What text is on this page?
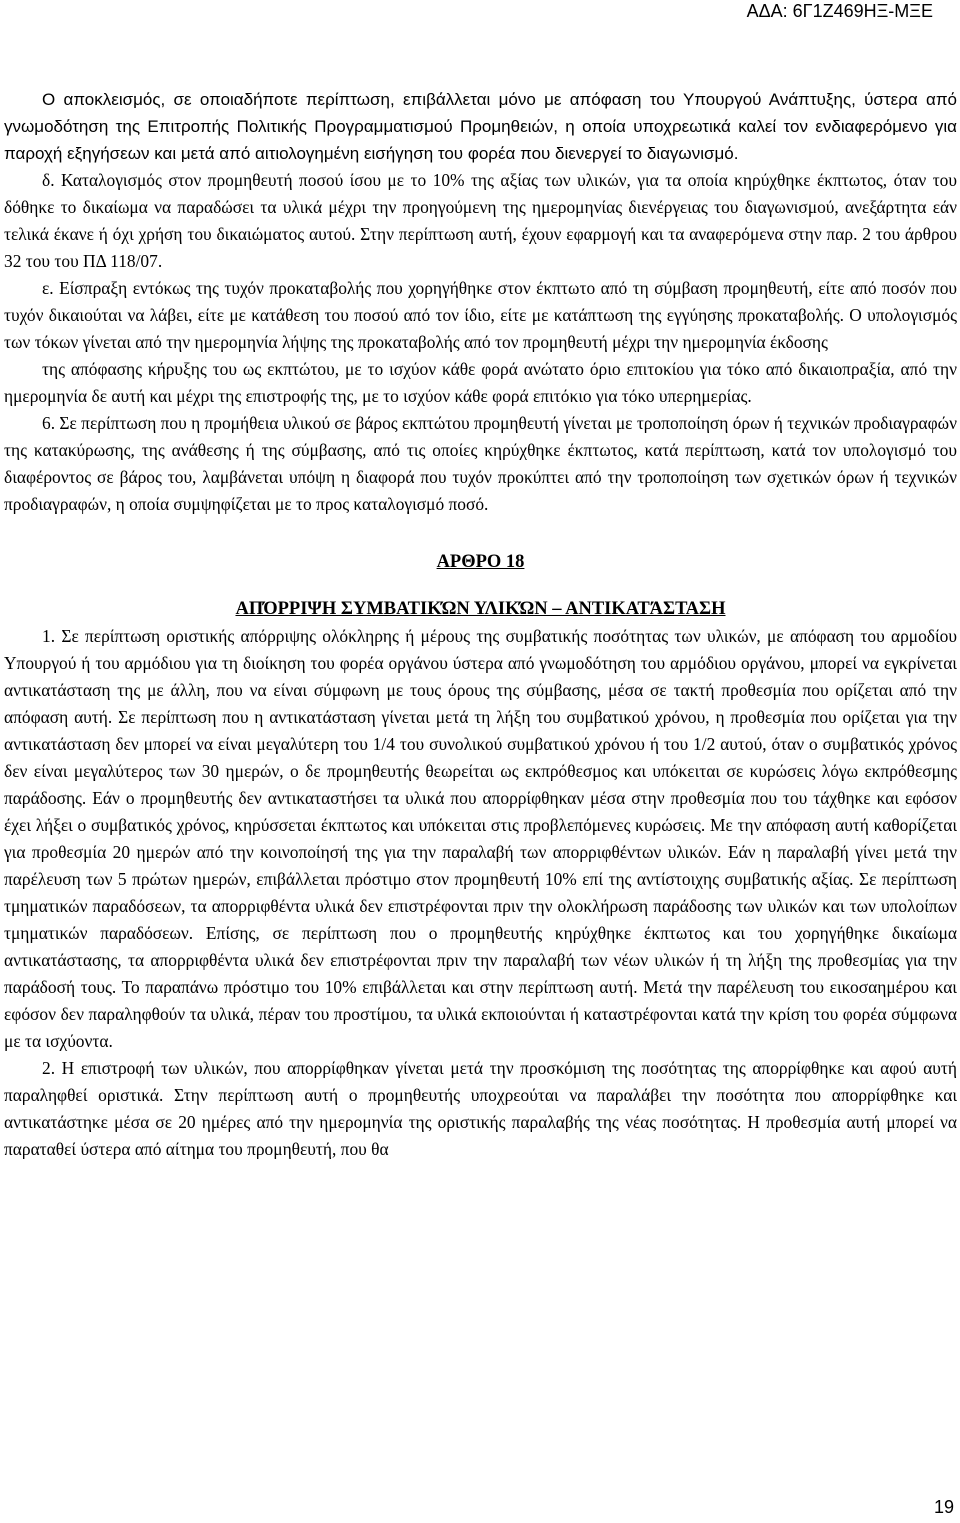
ΑΔΑ: 6Γ1Ζ469ΗΞ-ΜΞΕ

Ο αποκλεισμός, σε οποιαδήποτε περίπτωση, επιβάλλεται μόνο με απόφαση του Υπουργού Ανάπτυξης, ύστερα από γνωμοδότηση της Επιτροπής Πολιτικής Προγραμματισμού Προμηθειών, η οποία υποχρεωτικά καλεί τον ενδιαφερόμενο για παροχή εξηγήσεων και μετά από αιτιολογημένη εισήγηση του φορέα που διενεργεί το διαγωνισμό.

δ. Καταλογισμός στον προμηθευτή ποσού ίσου με το 10% της αξίας των υλικών, για τα οποία κηρύχθηκε έκπτωτος, όταν του δόθηκε το δικαίωμα να παραδώσει τα υλικά μέχρι την προηγούμενη της ημερομηνίας διενέργειας του διαγωνισμού, ανεξάρτητα εάν τελικά έκανε ή όχι χρήση του δικαιώματος αυτού. Στην περίπτωση αυτή, έχουν εφαρμογή και τα αναφερόμενα στην παρ. 2 του άρθρου 32 του του ΠΔ 118/07.

ε. Είσπραξη εντόκως της τυχόν προκαταβολής που χορηγήθηκε στον έκπτωτο από τη σύμβαση προμηθευτή, είτε από ποσόν που τυχόν δικαιούται να λάβει, είτε με κατάθεση του ποσού από τον ίδιο, είτε με κατάπτωση της εγγύησης προκαταβολής. Ο υπολογισμός των τόκων γίνεται από την ημερομηνία λήψης της προκαταβολής από τον προμηθευτή μέχρι την ημερομηνία έκδοσης

της απόφασης κήρυξης του ως εκπτώτου, με το ισχύον κάθε φορά ανώτατο όριο επιτοκίου για τόκο από δικαιοπραξία, από την ημερομηνία δε αυτή και μέχρι της επιστροφής της, με το ισχύον κάθε φορά επιτόκιο για τόκο υπερημερίας.

6. Σε περίπτωση που η προμήθεια υλικού σε βάρος εκπτώτου προμηθευτή γίνεται με τροποποίηση όρων ή τεχνικών προδιαγραφών της κατακύρωσης, της ανάθεσης ή της σύμβασης, από τις οποίες κηρύχθηκε έκπτωτος, κατά περίπτωση, κατά τον υπολογισμό του διαφέροντος σε βάρος του, λαμβάνεται υπόψη η διαφορά που τυχόν προκύπτει από την τροποποίηση των σχετικών όρων ή τεχνικών προδιαγραφών, η οποία συμψηφίζεται με το προς καταλογισμό ποσό.

ΑΡΘΡΟ 18

ΑΠΌΡΡΙΨΗ ΣΥΜΒΑΤΙΚΏΝ ΥΛΙΚΏΝ – ΑΝΤΙΚΑΤΆΣΤΑΣΗ

1. Σε περίπτωση οριστικής απόρριψης ολόκληρης ή μέρους της συμβατικής ποσότητας των υλικών, με απόφαση του αρμοδίου Υπουργού ή του αρμόδιου για τη διοίκηση του φορέα οργάνου ύστερα από γνωμοδότηση του αρμόδιου οργάνου, μπορεί να εγκρίνεται αντικατάσταση της με άλλη, που να είναι σύμφωνη με τους όρους της σύμβασης, μέσα σε τακτή προθεσμία που ορίζεται από την απόφαση αυτή. Σε περίπτωση που η αντικατάσταση γίνεται μετά τη λήξη του συμβατικού χρόνου, η προθεσμία που ορίζεται για την αντικατάσταση δεν μπορεί να είναι μεγαλύτερη του 1/4 του συνολικού συμβατικού χρόνου ή του 1/2 αυτού, όταν ο συμβατικός χρόνος δεν είναι μεγαλύτερος των 30 ημερών, ο δε προμηθευτής θεωρείται ως εκπρόθεσμος και υπόκειται σε κυρώσεις λόγω εκπρόθεσμης παράδοσης. Εάν ο προμηθευτής δεν αντικαταστήσει τα υλικά που απορρίφθηκαν μέσα στην προθεσμία που του τάχθηκε και εφόσον έχει λήξει ο συμβατικός χρόνος, κηρύσσεται έκπτωτος και υπόκειται στις προβλεπόμενες κυρώσεις. Με την απόφαση αυτή καθορίζεται για προθεσμία 20 ημερών από την κοινοποίησή της για την παραλαβή των απορριφθέντων υλικών. Εάν η παραλαβή γίνει μετά την παρέλευση των 5 πρώτων ημερών, επιβάλλεται πρόστιμο στον προμηθευτή 10% επί της αντίστοιχης συμβατικής αξίας. Σε περίπτωση τμηματικών παραδόσεων, τα απορριφθέντα υλικά δεν επιστρέφονται πριν την ολοκλήρωση παράδοσης των υλικών και των υπολοίπων τμηματικών παραδόσεων. Επίσης, σε περίπτωση που ο προμηθευτής κηρύχθηκε έκπτωτος και του χορηγήθηκε δικαίωμα αντικατάστασης, τα απορριφθέντα υλικά δεν επιστρέφονται πριν την παραλαβή των νέων υλικών ή τη λήξη της προθεσμίας για την παράδοσή τους. Το παραπάνω πρόστιμο του 10% επιβάλλεται και στην περίπτωση αυτή. Μετά την παρέλευση του εικοσαημέρου και εφόσον δεν παραληφθούν τα υλικά, πέραν του προστίμου, τα υλικά εκποιούνται ή καταστρέφονται κατά την κρίση του φορέα σύμφωνα με τα ισχύοντα.

2. Η επιστροφή των υλικών, που απορρίφθηκαν γίνεται μετά την προσκόμιση της ποσότητας της απορρίφθηκε και αφού αυτή παραληφθεί οριστικά. Στην περίπτωση αυτή ο προμηθευτής υποχρεούται να παραλάβει την ποσότητα που απορρίφθηκε και αντικατάστηκε μέσα σε 20 ημέρες από την ημερομηνία της οριστικής παραλαβής της νέας ποσότητας. Η προθεσμία αυτή μπορεί να παραταθεί ύστερα από αίτημα του προμηθευτή, που θα

19
